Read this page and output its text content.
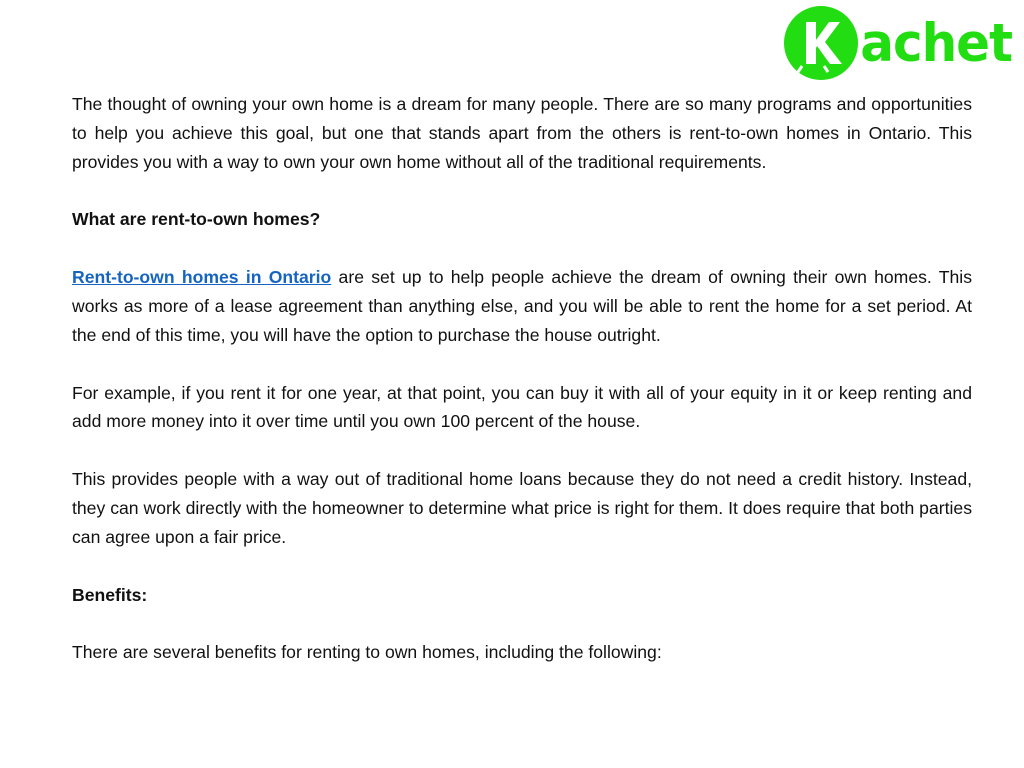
achet

The thought of owning your own home is a dream for many people. There are so many programs and opportunities to help you achieve this goal, but one that stands apart from the others is rent-to-own homes in Ontario. This provides you with a way to own your own home without all of the traditional requirements.

What are rent-to-own homes?

Rent-to-own homes in Ontario are set up to help people achieve the dream of owning their own homes. This works as more of a lease agreement than anything else, and you will be able to rent the home for a set period. At the end of this time, you will have the option to purchase the house outright.

For example, if you rent it for one year, at that point, you can buy it with all of your equity in it or keep renting and add more money into it over time until you own 100 percent of the house.

This provides people with a way out of traditional home loans because they do not need a credit history. Instead, they can work directly with the homeowner to determine what price is right for them. It does require that both parties can agree upon a fair price.

Benefits:

There are several benefits for renting to own homes, including the following:
